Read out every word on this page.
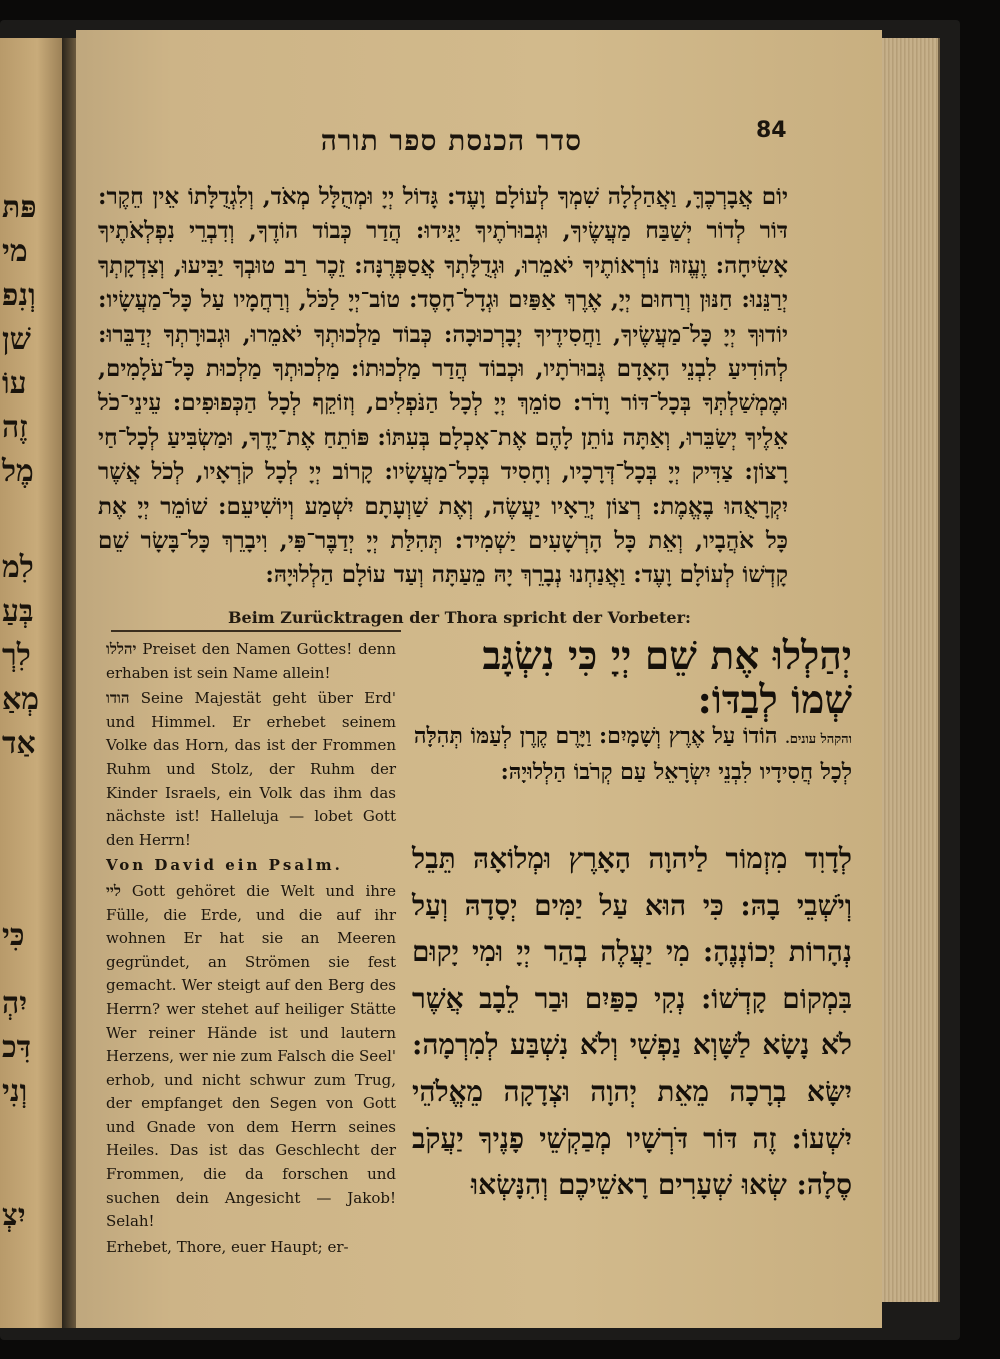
פּתּ
מי
וְנִפ
שׁן
עוֹ
זֶה
מֶל
לִמ
בְּעַ
לִרְ
מְאַ
אַד
כִּי
יִהְ
דִּכ
וְנִי
יִצְ
סדר הכנסת ספר תורה	84

יוֹם אֲבָרְכֶךָּ, וַאֲהַלְלָה שִׁמְךָ לְעוֹלָם וָעֶד: גָּדוֹל יְיָ וּמְהֻלָּל מְאֹד, וְלִגְדֻלָּתוֹ אֵין חֵקֶר: דּוֹר לְדוֹר יְשַׁבַּח מַעֲשֶׂיךָ, וּגְבוּרֹתֶיךָ יַגִּידוּ: הֲדַר כְּבוֹד הוֹדֶךָ, וְדִבְרֵי נִפְלְאֹתֶיךָ אָשִׂיחָה: וֶעֱזוּז נוֹרְאוֹתֶיךָ יֹאמֵרוּ, וּגְדֻלָּתְךָ אֲסַפְּרֶנָּה: זֵכֶר רַב טוּבְךָ יַבִּיעוּ, וְצִדְקָתְךָ יְרַנֵּנוּ: חַנּוּן וְרַחוּם יְיָ, אֶרֶךְ אַפַּיִם וּגְדָל־חָסֶד: טוֹב־יְיָ לַכֹּל, וְרַחֲמָיו עַל כָּל־מַעֲשָׂיו: יוֹדוּךָ יְיָ כָּל־מַעֲשֶׂיךָ, וַחֲסִידֶיךָ יְבָרְכוּכָה: כְּבוֹד מַלְכוּתְךָ יֹאמֵרוּ, וּגְבוּרָתְךָ יְדַבֵּרוּ: לְהוֹדִיעַ לִבְנֵי הָאָדָם גְּבוּרֹתָיו, וּכְבוֹד הֲדַר מַלְכוּתוֹ: מַלְכוּתְךָ מַלְכוּת כָּל־עֹלָמִים, וּמֶמְשַׁלְתְּךָ בְּכָל־דּוֹר וָדֹר: סוֹמֵךְ יְיָ לְכָל הַנֹּפְלִים, וְזוֹקֵף לְכָל הַכְּפוּפִים: עֵינֵי־כֹל אֵלֶיךָ יְשַׂבֵּרוּ, וְאַתָּה נוֹתֵן לָהֶם אֶת־אָכְלָם בְּעִתּוֹ: פּוֹתֵחַ אֶת־יָדֶךָ, וּמַשְׂבִּיעַ לְכָל־חַי רָצוֹן: צַדִּיק יְיָ בְּכָל־דְּרָכָיו, וְחָסִיד בְּכָל־מַעֲשָׂיו: קָרוֹב יְיָ לְכָל קֹרְאָיו, לְכֹל אֲשֶׁר יִקְרָאֻהוּ בֶאֱמֶת: רְצוֹן יְרֵאָיו יַעֲשֶׂה, וְאֶת שַׁוְעָתָם יִשְׁמַע וְיוֹשִׁיעֵם: שׁוֹמֵר יְיָ אֶת כָּל אֹהֲבָיו, וְאֵת כָּל הָרְשָׁעִים יַשְׁמִיד: תְּהִלַּת יְיָ יְדַבֶּר־פִּי, וִיבָרֵךְ כָּל־בָּשָׂר שֵׁם קָדְשׁוֹ לְעוֹלָם וָעֶד: וַאֲנַחְנוּ נְבָרֵךְ יָהּ מֵעַתָּה וְעַד עוֹלָם הַלְלוּיָהּ:

Beim Zurücktragen der Thora spricht der Vorbeter:

יהללו Preiset den Namen Gottes! denn erhaben ist sein Name allein!

הודו Seine Majestät geht über Erd' und Himmel. Er erhebet seinem Volke das Horn, das ist der Frommen Ruhm und Stolz, der Ruhm der Kinder Israels, ein Volk das ihm das nächste ist! Halleluja — lobet Gott den Herrn!

Von David ein Psalm.

ליי Gott gehöret die Welt und ihre Fülle, die Erde, und die auf ihr wohnen Er hat sie an Meeren gegründet, an Strömen sie fest gemacht. Wer steigt auf den Berg des Herrn? wer stehet auf heiliger Stätte Wer reiner Hände ist und lautern Herzens, wer nie zum Falsch die Seel' erhob, und nicht schwur zum Trug, der empfanget den Segen von Gott und Gnade von dem Herrn seines Heiles. Das ist das Geschlecht der Frommen, die da forschen und suchen dein Angesicht — Jakob! Selah!

Erhebet, Thore, euer Haupt; er-

יְהַלְלוּ אֶת שֵׁם יְיָ כִּי נִשְׂגָּב שְׁמוֹ לְבַדּוֹ:

והקהל עונים. הוֹדוֹ עַל אֶרֶץ וְשָׁמָיִם: וַיָּרֶם קֶרֶן לְעַמּוֹ תְּהִלָּה לְכָל חֲסִידָיו לִבְנֵי יִשְׂרָאֵל עַם קְרֹבוֹ הַלְלוּיָהּ:

לְדָוִד מִזְמוֹר לַיהוָה הָאָרֶץ וּמְלוֹאָהּ תֵּבֵל וְיֹשְׁבֵי בָהּ: כִּי הוּא עַל יַמִּים יְסָדָהּ וְעַל נְהָרוֹת יְכוֹנְנֶהָ: מִי יַעֲלֶה בְהַר יְיָ וּמִי יָקוּם בִּמְקוֹם קָדְשׁוֹ: נְקִי כַפַּיִם וּבַר לֵבָב אֲשֶׁר לֹא נָשָׂא לַשָּׁוְא נַפְשִׁי וְלֹא נִשְׁבַּע לְמִרְמָה: יִשָּׂא בְרָכָה מֵאֵת יְהוָה וּצְדָקָה מֵאֱלֹהֵי יִשְׁעוֹ: זֶה דּוֹר דֹּרְשָׁיו מְבַקְשֵׁי פָנֶיךָ יַעֲקֹב סֶלָה: שְׂאוּ שְׁעָרִים רָאשֵׁיכֶם וְהִנָּשְׂאוּ
